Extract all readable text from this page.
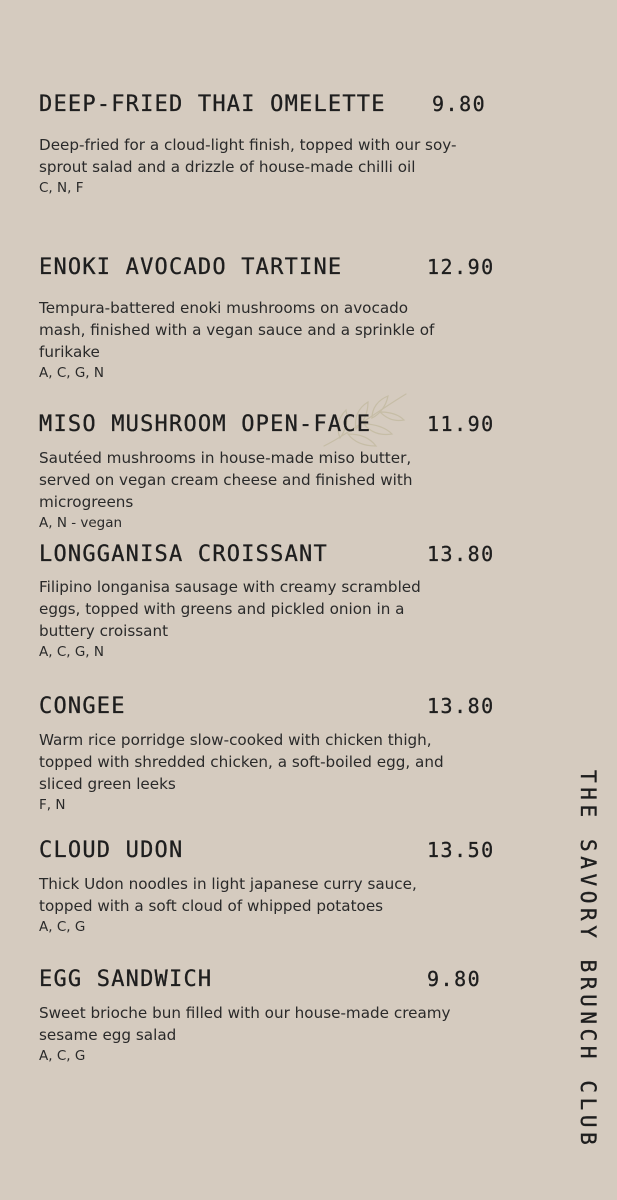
DEEP-FRIED THAI OMELETTE 9.80
Deep-fried for a cloud-light finish, topped with our soy-sprout salad and a drizzle of house-made chilli oil
C, N, F
ENOKI AVOCADO TARTINE	12.90
Tempura-battered enoki mushrooms on avocado mash, finished with a vegan sauce and a sprinkle of furikake
A, C, G, N
MISO MUSHROOM OPEN-FACE	11.90
Sautéed mushrooms in house-made miso butter, served on vegan cream cheese and finished with microgreens
A, N - vegan
LONGGANISA CROISSANT	13.80
Filipino longanisa sausage with creamy scrambled eggs, topped with greens and pickled onion in a buttery croissant
A, C, G, N
CONGEE	13.80
Warm rice porridge slow-cooked with chicken thigh, topped with shredded chicken, a soft-boiled egg, and sliced green leeks
F, N
CLOUD UDON	13.50
Thick Udon noodles in light japanese curry sauce, topped with a soft cloud of whipped potatoes
A, C, G
EGG SANDWICH	9.80
Sweet brioche bun filled with our house-made creamy sesame egg salad
A, C, G	THE SAVORY BRUNCH CLUB
